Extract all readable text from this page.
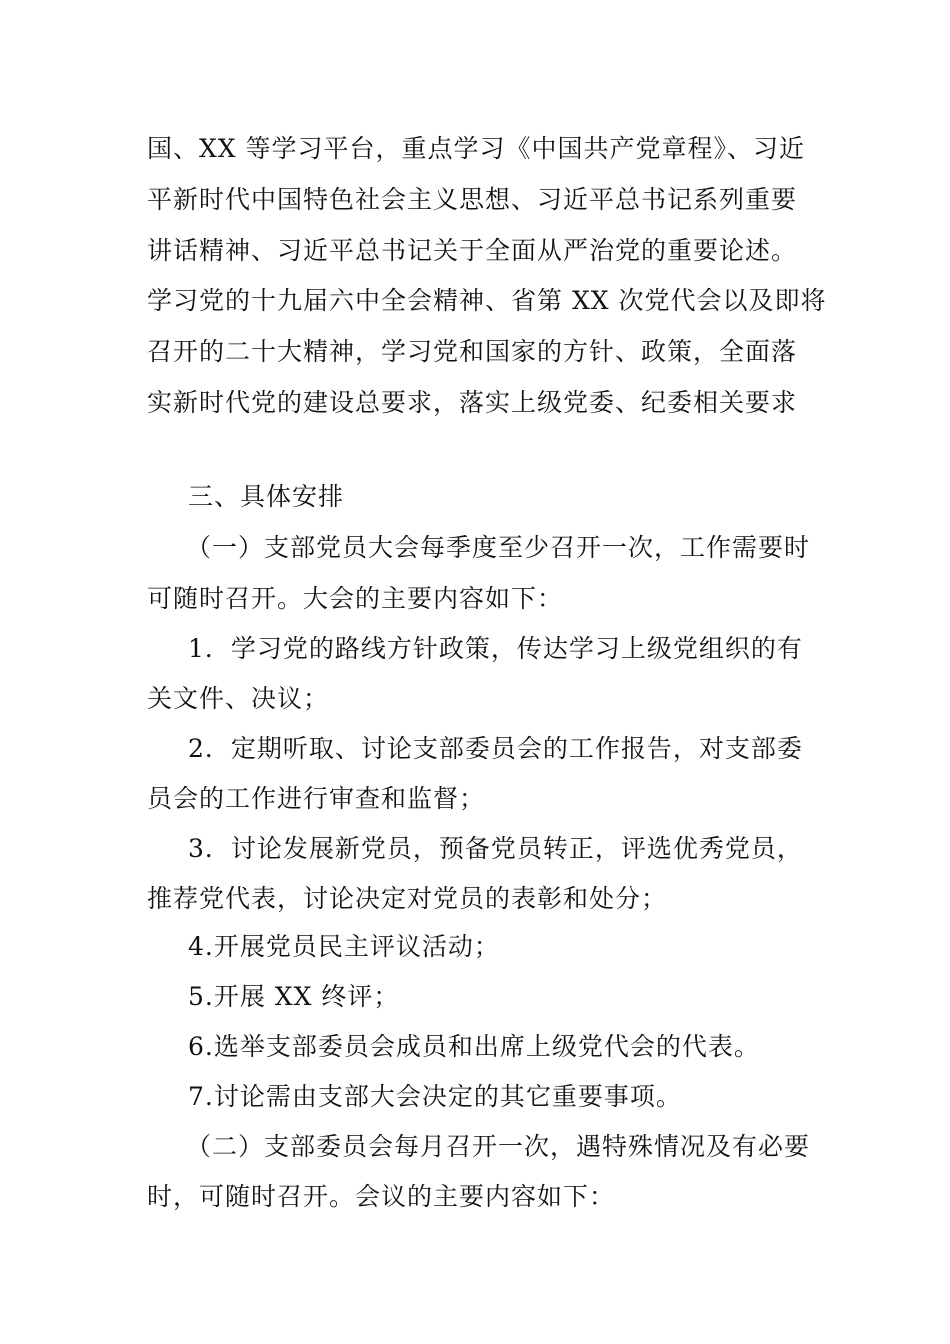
国、XX 等学习平台，重点学习《中国共产党章程》、习近
平新时代中国特色社会主义思想、习近平总书记系列重要
讲话精神、习近平总书记关于全面从严治党的重要论述。
学习党的十九届六中全会精神、省第 XX 次党代会以及即将
召开的二十大精神，学习党和国家的方针、政策，全面落
实新时代党的建设总要求，落实上级党委、纪委相关要求
三、具体安排
（一）支部党员大会每季度至少召开一次，工作需要时
可随时召开。大会的主要内容如下：
1．学习党的路线方针政策，传达学习上级党组织的有
关文件、决议；
2．定期听取、讨论支部委员会的工作报告，对支部委
员会的工作进行审查和监督；
3．讨论发展新党员，预备党员转正，评选优秀党员，
推荐党代表，讨论决定对党员的表彰和处分；
4.开展党员民主评议活动；
5.开展 XX 终评；
6.选举支部委员会成员和出席上级党代会的代表。
7.讨论需由支部大会决定的其它重要事项。
（二）支部委员会每月召开一次，遇特殊情况及有必要
时，可随时召开。会议的主要内容如下：
